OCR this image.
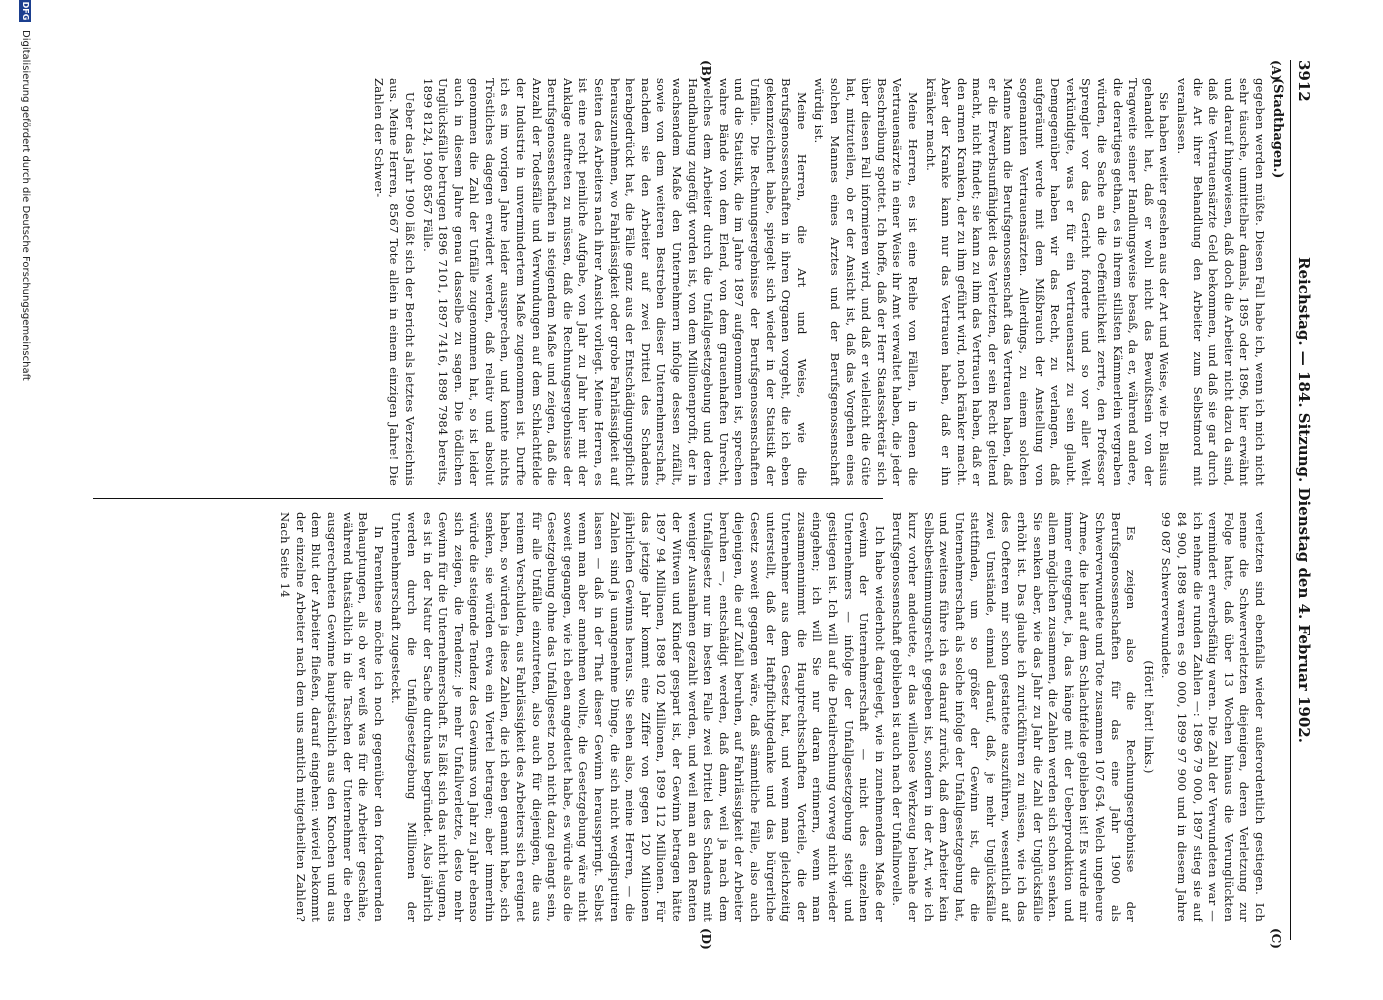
3912
Reichstag. — 184. Sitzung. Dienstag den 4. Februar 1902.
(Stadthagen.)
(A)
(B)
(C)
(D)

gegeben werden müßte. Diesen Fall habe ich, wenn ich mich nicht sehr täusche, unmittelbar damals, 1895 oder 1896, hier erwähnt und darauf hingewiesen, daß doch die Arbeiter nicht dazu da sind, daß die Vertrauensärzte Geld bekommen, und daß sie gar durch die Art ihrer Behandlung den Arbeiter zum Selbstmord mit veranlassen.

Sie haben weiter gesehen aus der Art und Weise, wie Dr. Blasius gehandelt hat, daß er wohl nicht das Bewußtsein von der Tragweite seiner Handlungsweise besaß, da er, während andere, die derartiges gethan, es in ihrem stillsten Kämmerlein vergraben würden, die Sache an die Oeffentlichkeit zerrte, den Professor Sprengler vor das Gericht forderte und so vor aller Welt verkündigte, was er für ein Vertrauensarzt zu sein glaubt. Demgegenüber haben wir das Recht, zu verlangen, daß aufgeräumt werde mit dem Mißbrauch der Anstellung von sogenannten Vertrauensärzten. Allerdings, zu einem solchen Manne kann die Berufsgenossenschaft das Vertrauen haben, daß er die Erwerbsunfähigkeit des Verletzten, der sein Recht geltend macht, nicht findet; sie kann zu ihm das Vertrauen haben, daß er den armen Kranken, der zu ihm geführt wird, noch kränker macht. Aber der Kranke kann nur das Vertrauen haben, daß er ihn kränker macht.

Meine Herren, es ist eine Reihe von Fällen, in denen die Vertrauensärzte in einer Weise ihr Amt verwaltet haben, die jeder Beschreibung spottet. Ich hoffe, daß der Herr Staatssekretär sich über diesen Fall informieren wird, und daß er vielleicht die Güte hat, mitzuteilen, ob er der Ansicht ist, daß das Vorgehen eines solchen Mannes eines Arztes und der Berufsgenossenschaft würdig ist.

Meine Herren, die Art und Weise, wie die Berufsgenossenschaften in ihren Organen vorgeht, die ich eben gekennzeichnet habe, spiegelt sich wieder in der Statistik der Unfälle. Die Rechnungsergebnisse der Berufsgenossenschaften und die Statistik, die im Jahre 1897 aufgenommen ist, sprechen wahre Bände von dem Elend, von dem grauenhaften Unrecht, welches dem Arbeiter durch die Unfallgesetzgebung und deren Handhabung zugefügt worden ist, von dem Millionenprofit, der in wachsendem Maße den Unternehmern infolge dessen zufällt, sowie von dem weiteren Bestreben dieser Unternehmerschaft, nachdem sie den Arbeiter auf zwei Drittel des Schadens herabgedrückt hat, die Fälle ganz aus der Entschädigungspflicht herauszunehmen, wo Fahrlässigkeit oder grobe Fahrlässigkeit auf Seiten des Arbeiters nach ihrer Ansicht vorliegt. Meine Herren, es ist eine recht peinliche Aufgabe, von Jahr zu Jahr hier mit der Anklage auftreten zu müssen, daß die Rechnungsergebnisse der Berufsgenossenschaften in steigendem Maße und zeigen, daß die Anzahl der Todesfälle und Verwundungen auf dem Schlachtfelde der Industrie in unvermindertem Maße zugenommen ist. Durfte ich es im vorigen Jahre leider aussprechen, und konnte nichts Tröstliches dagegen erwidert werden, daß relativ und absolut genommen die Zahl der Unfälle zugenommen hat, so ist leider auch in diesem Jahre genau dasselbe zu sagen. Die tödlichen Unglücksfälle betrugen 1896 7101, 1897 7416, 1898 7984 bereits, 1899 8124, 1900 8567 Fälle.

Ueber das Jahr 1900 läßt sich der Bericht als letztes Verzeichnis aus. Meine Herren, 8567 Tote allein in einem einzigen Jahre! Die Zahlen der Schwer-

verletzten sind ebenfalls wieder außerordentlich gestiegen. Ich nenne die Schwerverletzten diejenigen, deren Verletzung zur Folge hatte, daß über 13 Wochen hinaus die Verunglückten vermindert erwerbsfähig waren. Die Zahl der Verwundeten war — ich nehme die runden Zahlen —: 1896 79 000, 1897 stieg sie auf 84 900, 1898 waren es 90 000, 1899 97 900 und in diesem Jahre 99 087 Schwerverwundete.

(Hört! hört! links.)

Es zeigen also die Rechnungsergebnisse der Berufsgenossenschaften für das eine Jahr 1900 als Schwerverwundete und Tote zusammen 107 654. Welch ungeheure Armee, die hier auf dem Schlachtfelde geblieben ist! Es wurde mir immer entgegnet, ja, das hänge mit der Ueberproduktion und allem möglichen zusammen, die Zahlen werden sich schon senken. Sie senken aber, wie das Jahr zu Jahr die Zahl der Unglücksfälle erhöht ist. Das glaube ich zurückführen zu müssen, wie ich das des Oefteren mir schon gestattete auszuführen, wesentlich auf zwei Umstände, einmal darauf, daß, je mehr Unglücksfälle stattfinden, um so größer der Gewinn ist, die die Unternehmerschaft als solche infolge der Unfallgesetzgebung hat, und zweitens führe ich es darauf zurück, daß dem Arbeiter kein Selbstbestimmungsrecht gegeben ist, sondern in der Art, wie ich kurz vorher andeutete, er das willenlose Werkzeug beinahe der Berufsgenossenschaft geblieben ist auch nach der Unfallnovelle.

Ich habe wiederholt dargelegt, wie in zunehmendem Maße der Gewinn der Unternehmerschaft — nicht des einzelnen Unternehmers — infolge der Unfallgesetzgebung steigt und gestiegen ist. Ich will auf die Detailrechnung vorweg nicht wieder eingehen; ich will Sie nur daran erinnern, wenn man zusammennimmt die Hauptrechtsschaften Vorteile, die der Unternehmer aus dem Gesetz hat, und wenn man gleichzeitig unterstellt, daß der Haftpflichtgedanke und das bürgerliche Gesetz soweit gegangen wäre, daß sämmtliche Fälle, also auch diejenigen, die auf Zufall beruhen, auf Fahrlässigkeit der Arbeiter beruhen —, entschädigt werden, daß dann, weil ja nach dem Unfallgesetz nur im besten Falle zwei Drittel des Schadens mit weniger Ausnahmen gezahlt werden, und weil man an den Renten der Witwen und Kinder gespart ist, der Gewinn betragen hätte 1897 94 Millionen, 1898 102 Millionen, 1899 112 Millionen. Für das jetzige Jahr kommt eine Ziffer von gegen 120 Millionen jährlichen Gewinns heraus. Sie sehen also, meine Herren, — die Zahlen sind ja unangenehme Dinge, die sich nicht wegdisputiren lassen — daß in der That dieser Gewinn herausspringt. Selbst wenn man aber annehmen wollte, die Gesetzgebung wäre nicht soweit gegangen, wie ich eben angedeutet habe, es würde also die Gesetzgebung ohne das Unfallgesetz noch nicht dazu gelangt sein, für alle Unfälle einzutreten, also auch für diejenigen, die aus reinem Verschulden, aus Fahrlässigkeit des Arbeiters sich ereignet haben, so würden ja diese Zahlen, die ich eben genannt habe, sich senken, sie würden etwa ein Viertel betragen; aber immerhin würde die steigende Tendenz des Gewinns von Jahr zu Jahr ebenso sich zeigen, die Tendenz: je mehr Unfallverletzte, desto mehr Gewinn für die Unternehmerschaft. Es läßt sich das nicht leugnen, es ist in der Natur der Sache durchaus begründet. Also jährlich werden durch die Unfallgesetzgebung Millionen der Unternehmerschaft zugesteckt.

In Parenthese möchte ich noch gegenüber den fortdauernden Behauptungen, als ob wer weiß was für die Arbeiter geschähe, während thatsächlich in die Taschen der Unternehmer die eben ausgerechneten Gewinne hauptsächlich aus den Knochen und aus dem Blut der Arbeiter fließen, darauf eingehen: wieviel bekommt der einzelne Arbeiter nach dem uns amtlich mitgetheilten Zahlen? Nach Seite 14

DFG
Digitalisierung gefördert durch die Deutsche Forschungsgemeinschaft
